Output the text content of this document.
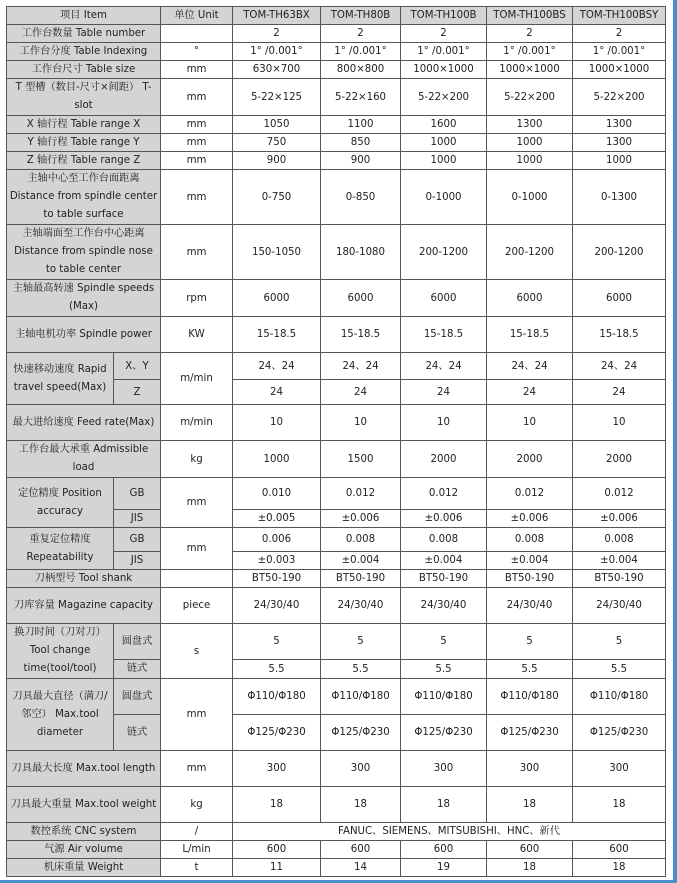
项目 Item		单位 Unit	TOM-TH63BX	TOM-TH80B	TOM-TH100B	TOM-TH100BS	TOM-TH100BSY
工作台数量 Table number			2	2	2	2	2
工作台分度 Table Indexing		°	1° /0.001°	1° /0.001°	1° /0.001°	1° /0.001°	1° /0.001°
工作台尺寸 Table size		mm	630×700	800×800	1000×1000	1000×1000	1000×1000
T 型槽（数目-尺寸×间距） T-slot		mm	5-22×125	5-22×160	5-22×200	5-22×200	5-22×200
X 轴行程 Table range X		mm	1050	1100	1600	1300	1300
Y 轴行程 Table range Y		mm	750	850	1000	1000	1300
Z 轴行程 Table range Z		mm	900	900	1000	1000	1000
主轴中心至工作台面距离 Distance from spindle center to table surface		mm	0-750	0-850	0-1000	0-1000	0-1300
主轴端面至工作台中心距离 Distance from spindle nose to table center		mm	150-1050	180-1080	200-1200	200-1200	200-1200
主轴最高转速 Spindle speeds (Max)		rpm	6000	6000	6000	6000	6000
主轴电机功率 Spindle power		KW	15-18.5	15-18.5	15-18.5	15-18.5	15-18.5
快速移动速度 Rapid travel speed(Max)	X、Y	m/min	24、24	24、24	24、24	24、24	24、24
	Z		24	24	24	24	24
最大进给速度 Feed rate(Max)		m/min	10	10	10	10	10
工作台最大承重 Admissible load		kg	1000	1500	2000	2000	2000
定位精度 Position accuracy	GB	mm	0.010	0.012	0.012	0.012	0.012
	JIS		±0.005	±0.006	±0.006	±0.006	±0.006
重复定位精度 Repeatability	GB	mm	0.006	0.008	0.008	0.008	0.008
	JIS		±0.003	±0.004	±0.004	±0.004	±0.004
刀柄型号 Tool shank			BT50-190	BT50-190	BT50-190	BT50-190	BT50-190
刀库容量 Magazine capacity		piece	24/30/40	24/30/40	24/30/40	24/30/40	24/30/40
换刀时间（刀对刀） Tool change time(tool/tool)	圆盘式	s	5	5	5	5	5
	链式		5.5	5.5	5.5	5.5	5.5
刀具最大直径（满刀/邻空） Max.tool diameter	圆盘式	mm	Φ110/Φ180	Φ110/Φ180	Φ110/Φ180	Φ110/Φ180	Φ110/Φ180
	链式		Φ125/Φ230	Φ125/Φ230	Φ125/Φ230	Φ125/Φ230	Φ125/Φ230
刀具最大长度 Max.tool length		mm	300	300	300	300	300
刀具最大重量 Max.tool weight		kg	18	18	18	18	18
数控系统 CNC system		/	FANUC、SIEMENS、MITSUBISHI、HNC、新代				
气源 Air volume		L/min	600	600	600	600	600
机床重量 Weight		t	11	14	19	18	18
